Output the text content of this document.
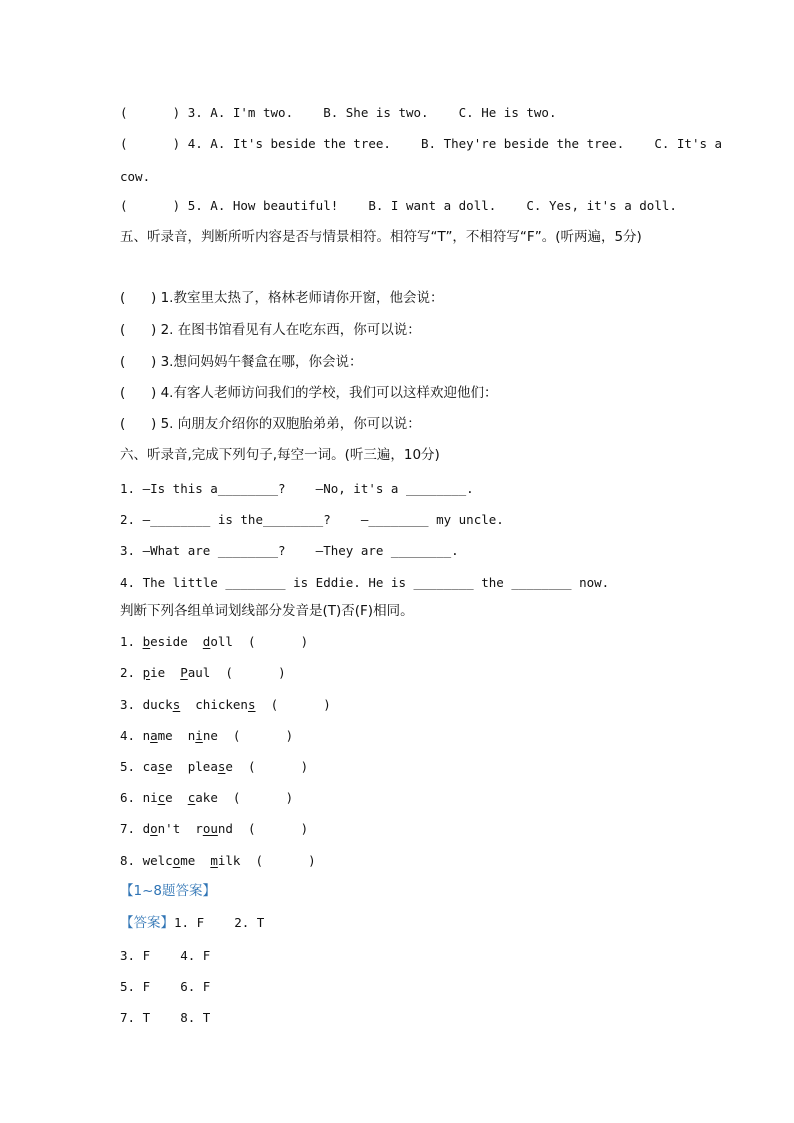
(      ) 3. A. I'm two.    B. She is two.    C. He is two.
(      ) 4. A. It's beside the tree.    B. They're beside the tree.    C. It's a
cow.
(      ) 5. A. How beautiful!    B. I want a doll.    C. Yes, it's a doll.
五、听录音，判断所听内容是否与情景相符。相符写“T”，不相符写“F”。(听两遍，5分)
(      ) 1.教室里太热了，格林老师请你开窗，他会说：
(      ) 2. 在图书馆看见有人在吃东西，你可以说：
(      ) 3.想问妈妈午餐盒在哪，你会说：
(      ) 4.有客人老师访问我们的学校，我们可以这样欢迎他们：
(      ) 5. 向朋友介绍你的双胞胎弟弟，你可以说：
六、听录音,完成下列句子,每空一词。(听三遍，10分)
1. —Is this a________?    —No, it's a ________.
2. —________ is the________?    —________ my uncle.
3. —What are ________?    —They are ________.
4. The little ________ is Eddie. He is ________ the ________ now.
判断下列各组单词划线部分发音是(T)否(F)相同。
1. beside  doll  (      )
2. pie  Paul  (      )
3. ducks chickens (      )
4. name  nine  (      )
5. case  please  (      )
6. nice  cake  (      )
7. don't  round  (      )
8. welcome  milk  (      )
【1~8题答案】
【答案】1. F    2. T
3. F    4. F
5. F    6. F
7. T    8. T
